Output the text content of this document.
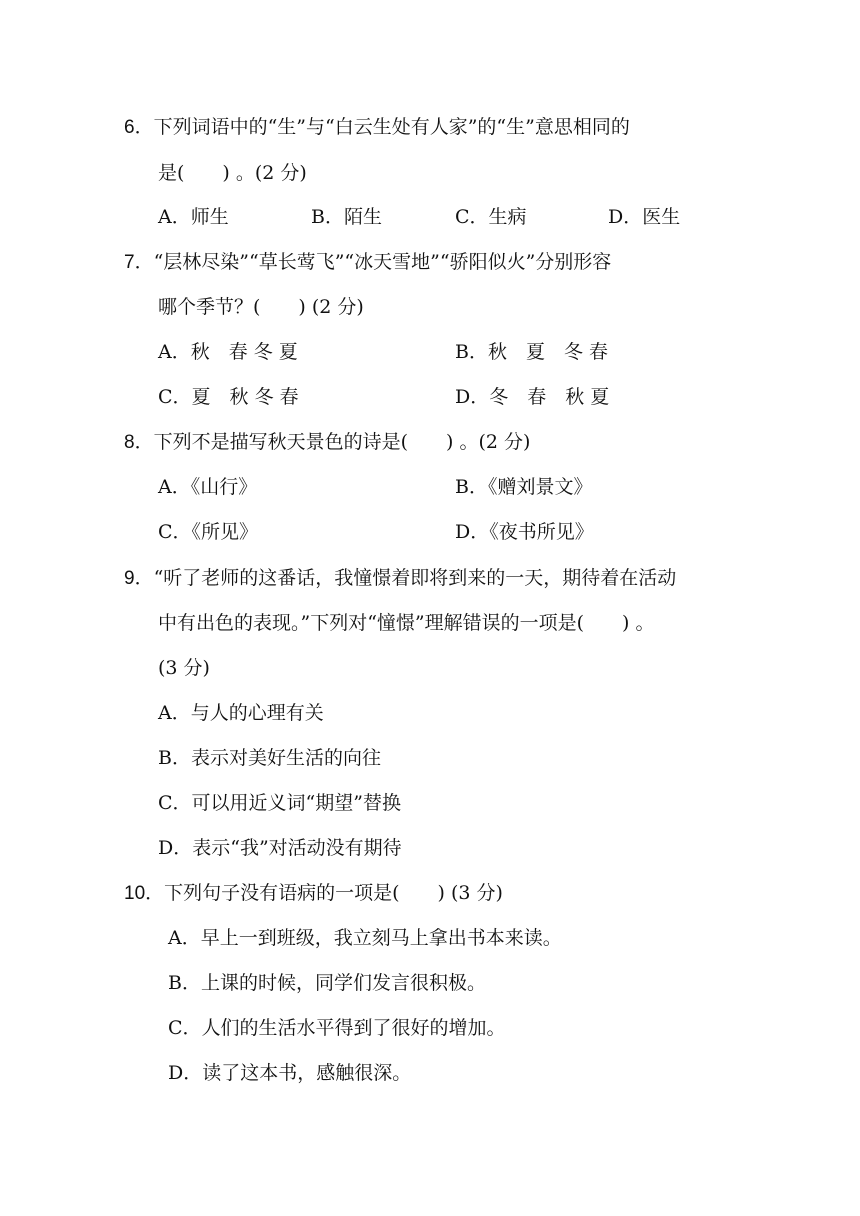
6．下列词语中的“生”与“白云生处有人家”的“生”意思相同的
是(　　) 。(2 分)
A．师生	B．陌生	C．生病	D．医生
7．“层林尽染”“草长莺飞”“冰天雪地”“骄阳似火”分别形容
哪个季节？(　　) (2 分)
A．秋　春 冬 夏	B．秋　夏　冬 春
C．夏　秋 冬 春	D．冬　春　秋 夏
8．下列不是描写秋天景色的诗是(　　) 。(2 分)
A．《山行》	B．《赠刘景文》
C．《所见》	D．《夜书所见》
9．“听了老师的这番话，我憧憬着即将到来的一天，期待着在活动
中有出色的表现。”下列对“憧憬”理解错误的一项是(　　) 。
(3 分)
A．与人的心理有关
B．表示对美好生活的向往
C．可以用近义词“期望”替换
D．表示“我”对活动没有期待
10．下列句子没有语病的一项是(　　) (3 分)
A．早上一到班级，我立刻马上拿出书本来读。
B．上课的时候，同学们发言很积极。
C．人们的生活水平得到了很好的增加。
D．读了这本书，感触很深。
